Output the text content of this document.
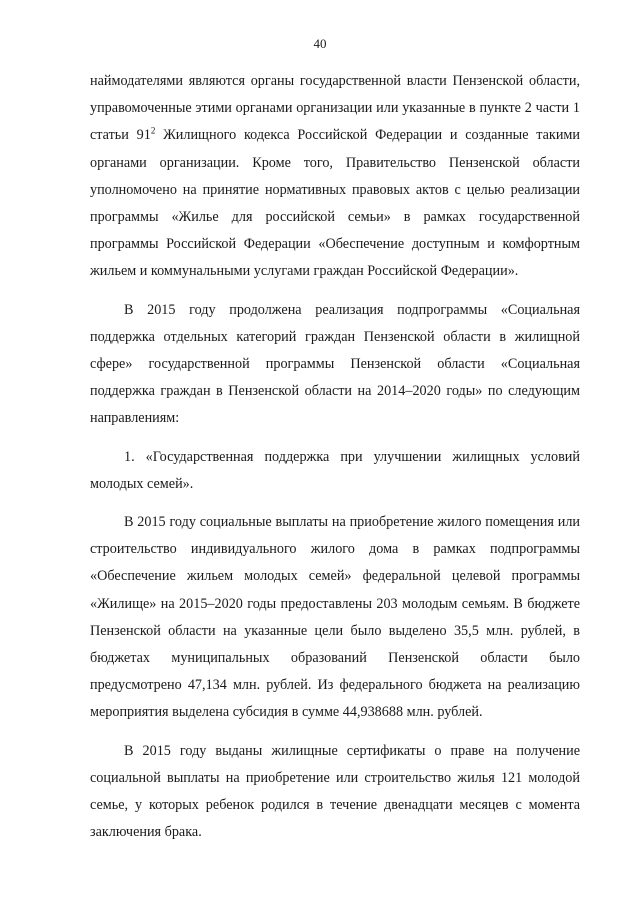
40

наймодателями являются органы государственной власти Пензенской области, управомоченные этими органами организации или указанные в пункте 2 части 1 статьи $91^2$ Жилищного кодекса Российской Федерации и созданные такими органами организации. Кроме того, Правительство Пензенской области уполномочено на принятие нормативных правовых актов с целью реализации программы «Жилье для российской семьи» в рамках государственной программы Российской Федерации «Обеспечение доступным и комфортным жильем и коммунальными услугами граждан Российской Федерации».

В 2015 году продолжена реализация подпрограммы «Социальная поддержка отдельных категорий граждан Пензенской области в жилищной сфере» государственной программы Пензенской области «Социальная поддержка граждан в Пензенской области на 2014–2020 годы» по следующим направлениям:

1. «Государственная поддержка при улучшении жилищных условий молодых семей».

В 2015 году социальные выплаты на приобретение жилого помещения или строительство индивидуального жилого дома в рамках подпрограммы «Обеспечение жильем молодых семей» федеральной целевой программы «Жилище» на 2015–2020 годы предоставлены 203 молодым семьям. В бюджете Пензенской области на указанные цели было выделено 35,5 млн. рублей, в бюджетах муниципальных образований Пензенской области было предусмотрено 47,134 млн. рублей. Из федерального бюджета на реализацию мероприятия выделена субсидия в сумме 44,938688 млн. рублей.

В 2015 году выданы жилищные сертификаты о праве на получение социальной выплаты на приобретение или строительство жилья 121 молодой семье, у которых ребенок родился в течение двенадцати месяцев с момента заключения брака.
